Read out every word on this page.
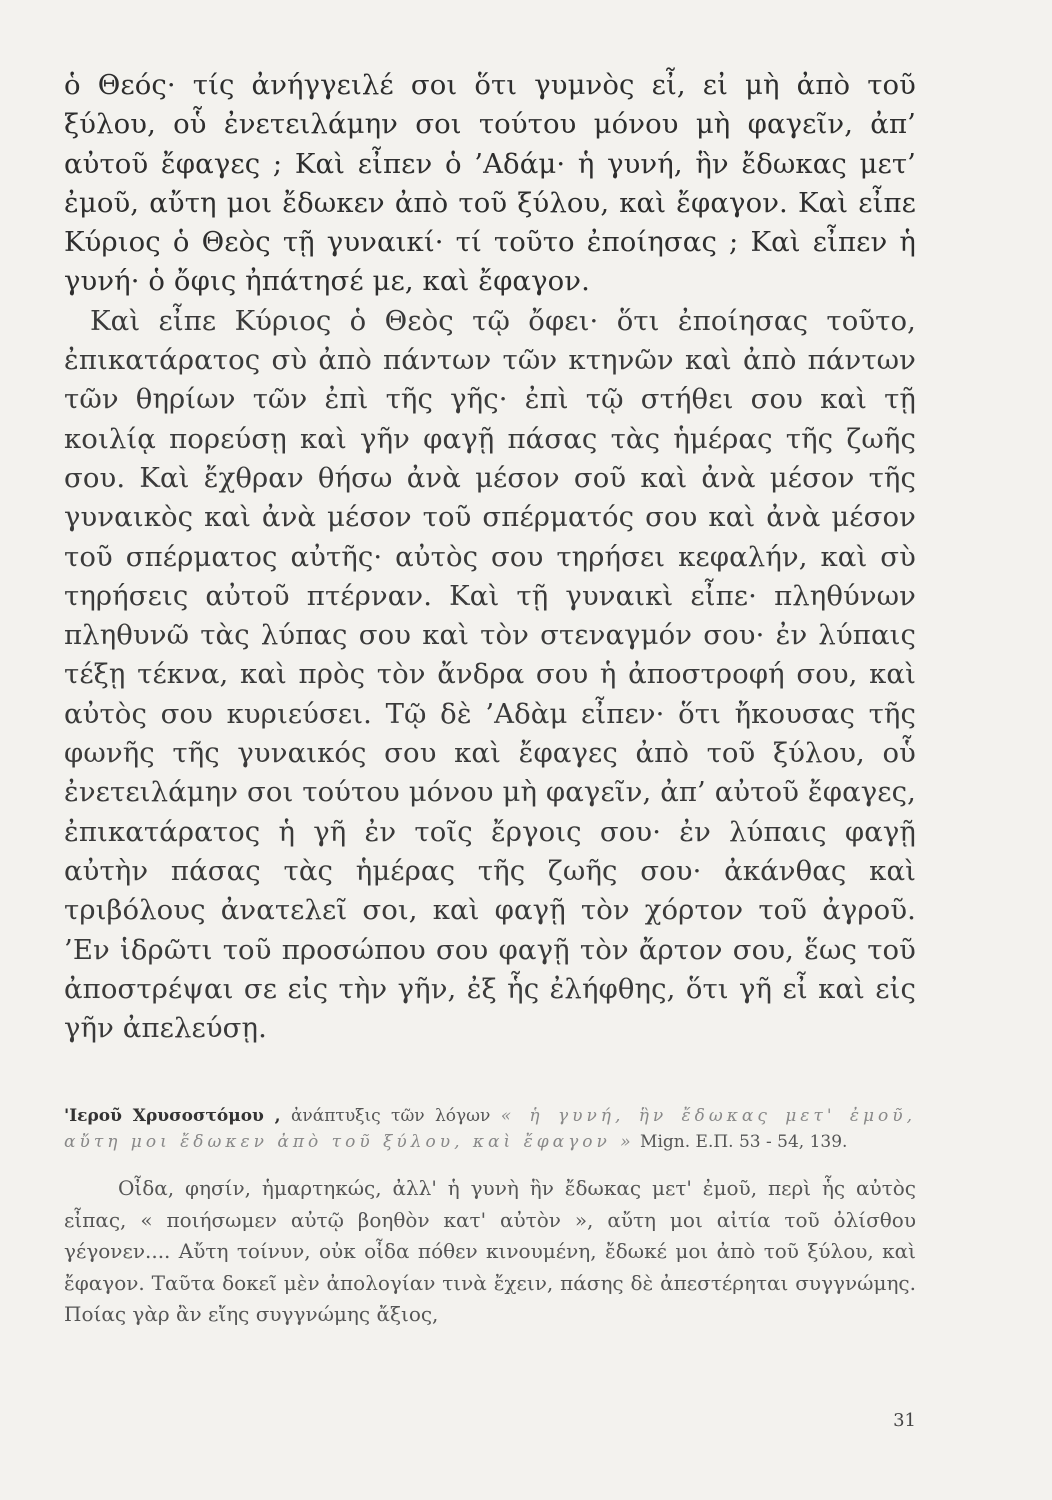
ὁ Θεός· τίς ἀνήγγειλέ σοι ὅτι γυμνὸς εἶ, εἰ μὴ ἀπὸ τοῦ ξύλου, οὗ ἐνετειλάμην σοι τούτου μόνου μὴ φαγεῖν, ἀπ’ αὐτοῦ ἔφαγες ; Καὶ εἶπεν ὁ ’Αδάμ· ἡ γυνή, ἣν ἔδωκας μετ’ ἐμοῦ, αὔτη μοι ἔδωκεν ἀπὸ τοῦ ξύλου, καὶ ἔφαγον. Καὶ εἶπε Κύριος ὁ Θεὸς τῇ γυναικί· τί τοῦτο ἐποίησας ; Καὶ εἶπεν ἡ γυνή· ὁ ὄφις ἠπάτησέ με, καὶ ἔφαγον.

Καὶ εἶπε Κύριος ὁ Θεὸς τῷ ὄφει· ὅτι ἐποίησας τοῦτο, ἐπικατάρατος σὺ ἀπὸ πάντων τῶν κτηνῶν καὶ ἀπὸ πάντων τῶν θηρίων τῶν ἐπὶ τῆς γῆς· ἐπὶ τῷ στήθει σου καὶ τῇ κοιλίᾳ πορεύσῃ καὶ γῆν φαγῇ πάσας τὰς ἡμέρας τῆς ζωῆς σου. Καὶ ἔχθραν θήσω ἀνὰ μέσον σοῦ καὶ ἀνὰ μέσον τῆς γυναικὸς καὶ ἀνὰ μέσον τοῦ σπέρματός σου καὶ ἀνὰ μέσον τοῦ σπέρματος αὐτῆς· αὐτὸς σου τηρήσει κεφαλήν, καὶ σὺ τηρήσεις αὐτοῦ πτέρναν. Καὶ τῇ γυναικὶ εἶπε· πληθύνων πληθυνῶ τὰς λύπας σου καὶ τὸν στεναγμόν σου· ἐν λύπαις τέξῃ τέκνα, καὶ πρὸς τὸν ἄνδρα σου ἡ ἀποστροφή σου, καὶ αὐτὸς σου κυριεύσει. Τῷ δὲ ’Αδὰμ εἶπεν· ὅτι ἤκουσας τῆς φωνῆς τῆς γυναικός σου καὶ ἔφαγες ἀπὸ τοῦ ξύλου, οὗ ἐνετειλάμην σοι τούτου μόνου μὴ φαγεῖν, ἀπ’ αὐτοῦ ἔφαγες, ἐπικατάρατος ἡ γῆ ἐν τοῖς ἔργοις σου· ἐν λύπαις φαγῇ αὐτὴν πάσας τὰς ἡμέρας τῆς ζωῆς σου· ἀκάνθας καὶ τριβόλους ἀνατελεῖ σοι, καὶ φαγῇ τὸν χόρτον τοῦ ἀγροῦ. ’Εν ἱδρῶτι τοῦ προσώπου σου φαγῇ τὸν ἄρτον σου, ἕως τοῦ ἀποστρέψαι σε εἰς τὴν γῆν, ἐξ ἧς ἐλήφθης, ὅτι γῆ εἶ καὶ εἰς γῆν ἀπελεύσῃ.

'Ιεροῦ Χρυσοστόμου , ἀνάπτυξις τῶν λόγων « ἡ γυνή, ἣν ἔδωκας μετ' ἐμοῦ, αὔτη μοι ἔδωκεν ἀπὸ τοῦ ξύλου, καὶ ἔφαγον » Mign. Ε.Π. 53 - 54, 139.

Οἶδα, φησίν, ἡμαρτηκώς, ἀλλ' ἡ γυνὴ ἣν ἔδωκας μετ' ἐμοῦ, περὶ ἧς αὐτὸς εἶπας, « ποιήσωμεν αὐτῷ βοηθὸν κατ' αὐτὸν », αὔτη μοι αἰτία τοῦ ὀλίσθου γέγονεν.... Αὔτη τοίνυν, οὐκ οἶδα πόθεν κινουμένη, ἔδωκέ μοι ἀπὸ τοῦ ξύλου, καὶ ἔφαγον. Ταῦτα δοκεῖ μὲν ἀπολογίαν τινὰ ἔχειν, πάσης δὲ ἀπεστέρηται συγγνώμης. Ποίας γὰρ ἂν εἴης συγγνώμης ἄξιος,

31
